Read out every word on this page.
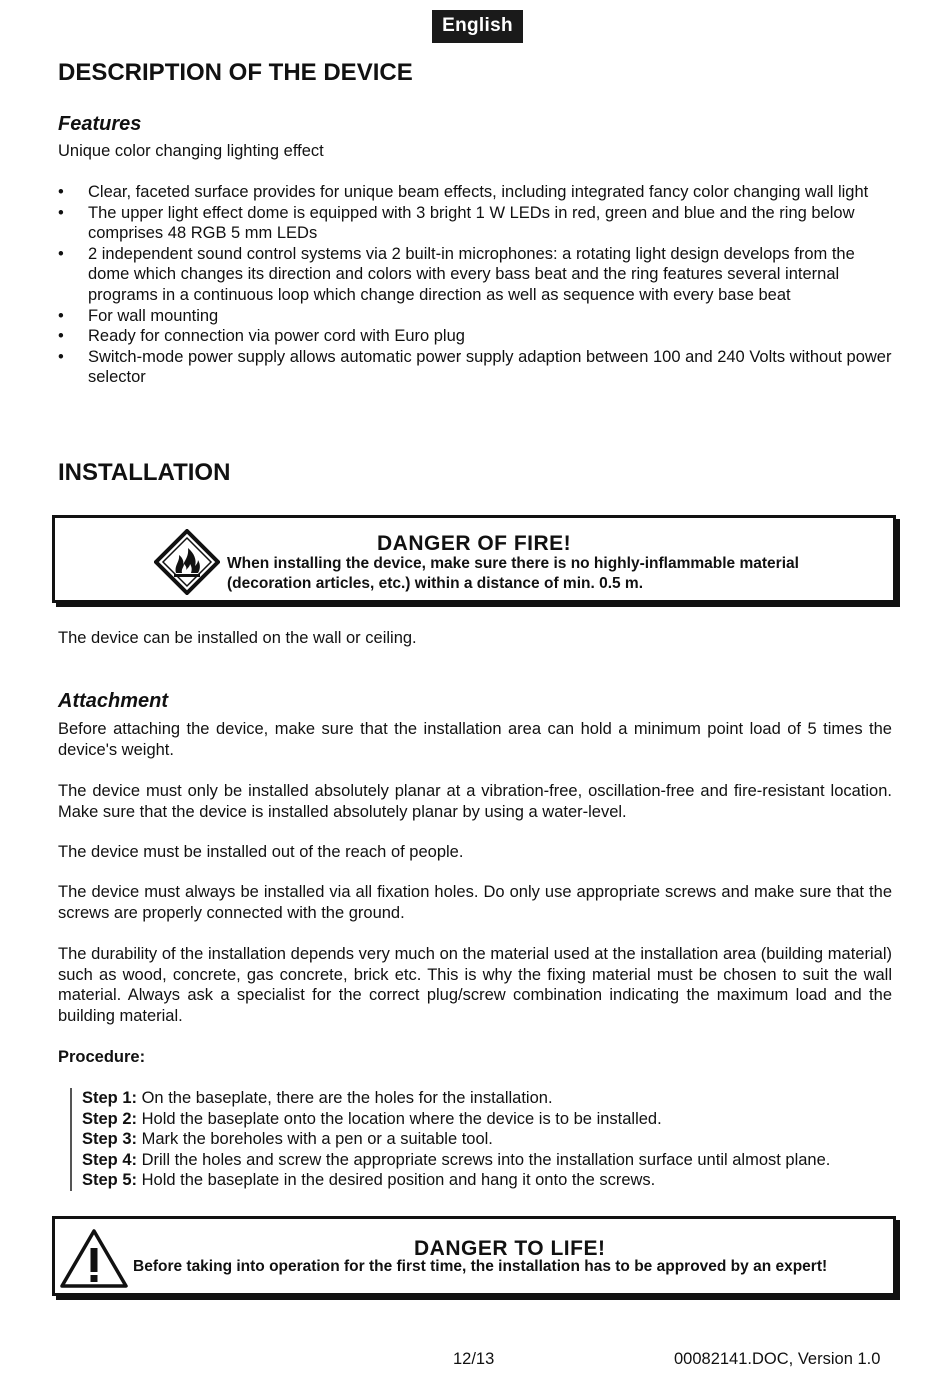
English
DESCRIPTION OF THE DEVICE
Features
Unique color changing lighting effect
• Clear, faceted surface provides for unique beam effects, including integrated fancy color changing wall light
• The upper light effect dome is equipped with 3 bright 1 W LEDs in red, green and blue and the ring below comprises 48 RGB 5 mm LEDs
• 2 independent sound control systems via 2 built-in microphones: a rotating light design develops from the dome which changes its direction and colors with every bass beat and the ring features several internal programs in a continuous loop which change direction as well as sequence with every base beat
• For wall mounting
• Ready for connection via power cord with Euro plug
• Switch-mode power supply allows automatic power supply adaption between 100 and 240 Volts without power selector
INSTALLATION
DANGER OF FIRE!
When installing the device, make sure there is no highly-inflammable material (decoration articles, etc.) within a distance of min. 0.5 m.
The device can be installed on the wall or ceiling.
Attachment
Before attaching the device, make sure that the installation area can hold a minimum point load of 5 times the device's weight.
The device must only be installed absolutely planar at a vibration-free, oscillation-free and fire-resistant location. Make sure that the device is installed absolutely planar by using a water-level.
The device must be installed out of the reach of people.
The device must always be installed via all fixation holes. Do only use appropriate screws and make sure that the screws are properly connected with the ground.
The durability of the installation depends very much on the material used at the installation area (building material) such as wood, concrete, gas concrete, brick etc. This is why the fixing material must be chosen to suit the wall material. Always ask a specialist for the correct plug/screw combination indicating the maximum load and the building material.
Procedure:
Step 1: On the baseplate, there are the holes for the installation.
Step 2: Hold the baseplate onto the location where the device is to be installed.
Step 3: Mark the boreholes with a pen or a suitable tool.
Step 4: Drill the holes and screw the appropriate screws into the installation surface until almost plane.
Step 5: Hold the baseplate in the desired position and hang it onto the screws.
DANGER TO LIFE!
Before taking into operation for the first time, the installation has to be approved by an expert!
12/13	00082141.DOC, Version 1.0
